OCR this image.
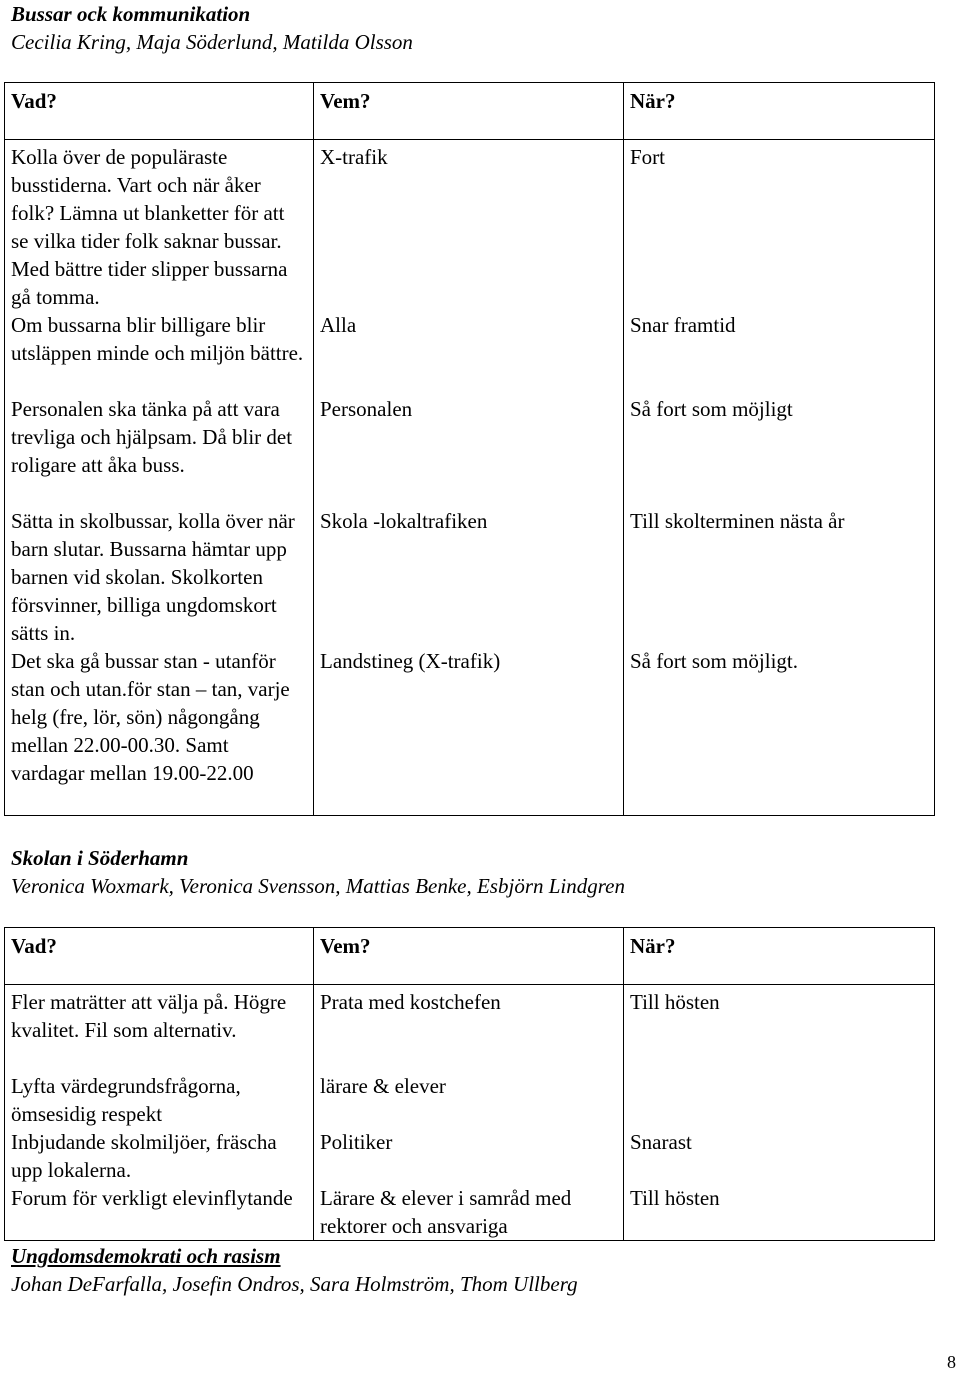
Bussar ock kommunikation
Cecilia Kring, Maja Söderlund, Matilda Olsson
Vad?	Vem?	När?
Kolla över de populäraste busstiderna. Vart och när åker folk? Lämna ut blanketter för att se vilka tider folk saknar bussar. Med bättre tider slipper bussarna gå tomma.	X-trafik	Fort
Om bussarna blir billigare blir utsläppen minde och miljön bättre.	Alla	Snar framtid
Personalen ska tänka på att vara trevliga och hjälpsam. Då blir det roligare att åka buss.	Personalen	Så fort som möjligt
Sätta in skolbussar, kolla över när barn slutar. Bussarna hämtar upp barnen vid skolan. Skolkorten försvinner, billiga ungdomskort sätts in.	Skola -lokaltrafiken	Till skolterminen nästa år
Det ska gå bussar stan - utanför stan och utan.för stan – tan, varje helg (fre, lör, sön) någongång mellan 22.00-00.30. Samt vardagar mellan 19.00-22.00	Landstineg (X-trafik)	Så fort som möjligt.
Skolan i Söderhamn
Veronica Woxmark, Veronica Svensson, Mattias Benke, Esbjörn Lindgren
Vad?	Vem?	När?
Fler maträtter att välja på. Högre kvalitet. Fil som alternativ.	Prata med kostchefen	Till hösten
Lyfta värdegrundsfrågorna, ömsesidig respekt	lärare & elever	
Inbjudande skolmiljöer, fräscha upp lokalerna.	Politiker	Snarast
Forum för verkligt elevinflytande	Lärare & elever i samråd med rektorer och ansvariga	Till hösten
Ungdomsdemokrati och rasism
Johan DeFarfalla, Josefin Ondros, Sara Holmström, Thom Ullberg
8
